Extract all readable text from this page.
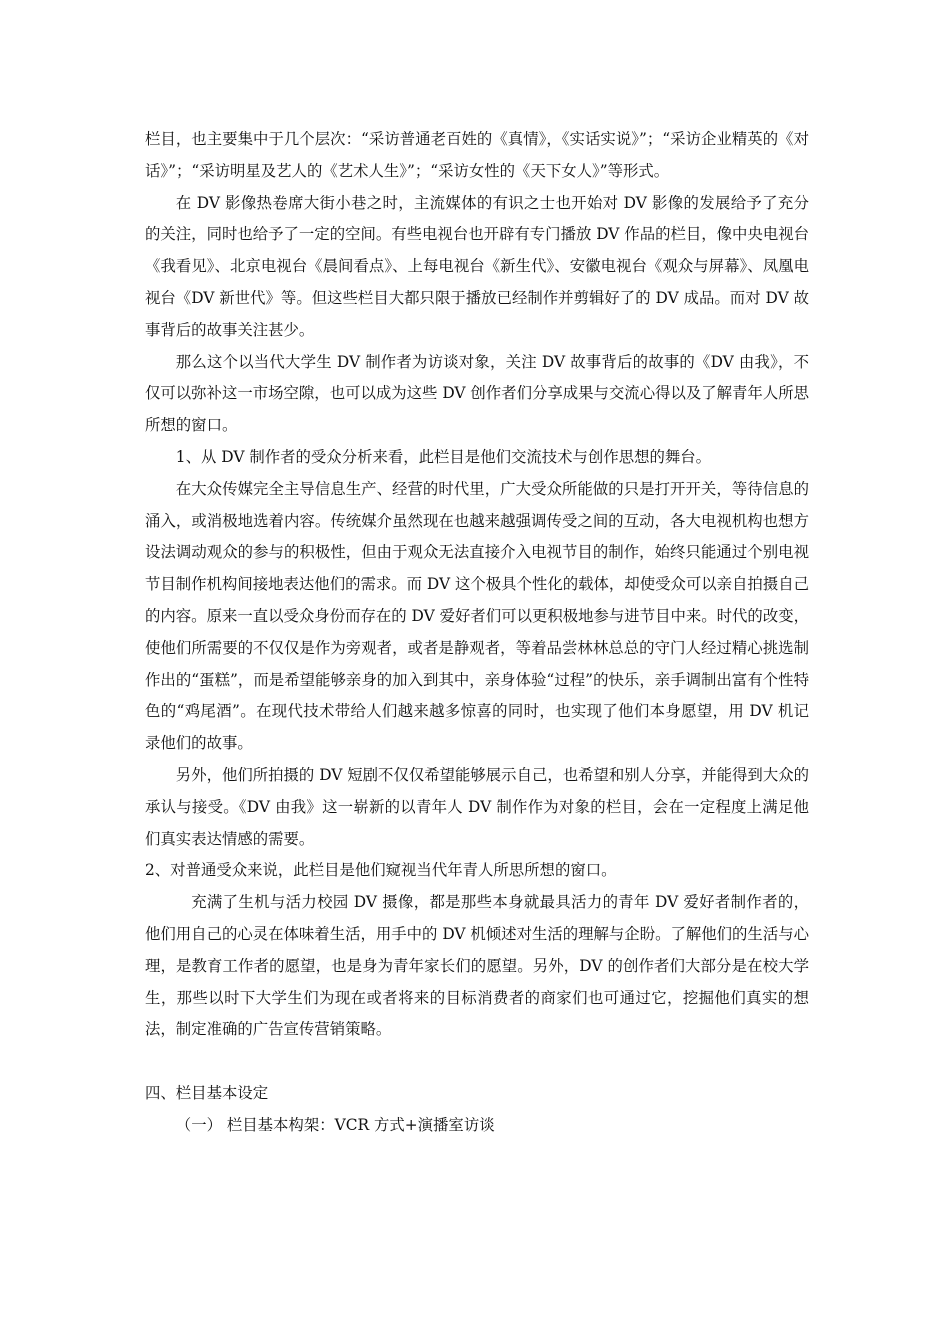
栏目，也主要集中于几个层次：“采访普通老百姓的《真情》，《实话实说》”；“采访企业精英的《对话》”；“采访明星及艺人的《艺术人生》”；“采访女性的《天下女人》”等形式。

在 DV 影像热卷席大街小巷之时，主流媒体的有识之士也开始对 DV 影像的发展给予了充分的关注，同时也给予了一定的空间。有些电视台也开辟有专门播放 DV 作品的栏目，像中央电视台《我看见》、北京电视台《晨间看点》、上每电视台《新生代》、安徽电视台《观众与屏幕》、凤凰电视台《DV 新世代》等。但这些栏目大都只限于播放已经制作并剪辑好了的 DV 成品。而对 DV 故事背后的故事关注甚少。

那么这个以当代大学生 DV 制作者为访谈对象，关注 DV 故事背后的故事的《DV 由我》，不仅可以弥补这一市场空隙，也可以成为这些 DV 创作者们分享成果与交流心得以及了解青年人所思所想的窗口。

1、从 DV 制作者的受众分析来看，此栏目是他们交流技术与创作思想的舞台。

在大众传媒完全主导信息生产、经营的时代里，广大受众所能做的只是打开开关，等待信息的涌入，或消极地选着内容。传统媒介虽然现在也越来越强调传受之间的互动，各大电视机构也想方设法调动观众的参与的积极性，但由于观众无法直接介入电视节目的制作，始终只能通过个别电视节目制作机构间接地表达他们的需求。而 DV 这个极具个性化的载体，却使受众可以亲自拍摄自己的内容。原来一直以受众身份而存在的 DV 爱好者们可以更积极地参与进节目中来。时代的改变，使他们所需要的不仅仅是作为旁观者，或者是静观者，等着品尝林林总总的守门人经过精心挑选制作出的“蛋糕”，而是希望能够亲身的加入到其中，亲身体验“过程”的快乐，亲手调制出富有个性特色的“鸡尾酒”。在现代技术带给人们越来越多惊喜的同时，也实现了他们本身愿望，用 DV 机记录他们的故事。

另外，他们所拍摄的 DV 短剧不仅仅希望能够展示自己，也希望和别人分享，并能得到大众的承认与接受。《DV 由我》这一崭新的以青年人 DV 制作作为对象的栏目，会在一定程度上满足他们真实表达情感的需要。

2、对普通受众来说，此栏目是他们窥视当代年青人所思所想的窗口。

充满了生机与活力校园 DV 摄像，都是那些本身就最具活力的青年 DV 爱好者制作者的，他们用自己的心灵在体味着生活，用手中的 DV 机倾述对生活的理解与企盼。了解他们的生活与心理，是教育工作者的愿望，也是身为青年家长们的愿望。另外，DV 的创作者们大部分是在校大学生，那些以时下大学生们为现在或者将来的目标消费者的商家们也可通过它，挖掘他们真实的想法，制定准确的广告宣传营销策略。

四、栏目基本设定

（一） 栏目基本构架：VCR 方式+演播室访谈
